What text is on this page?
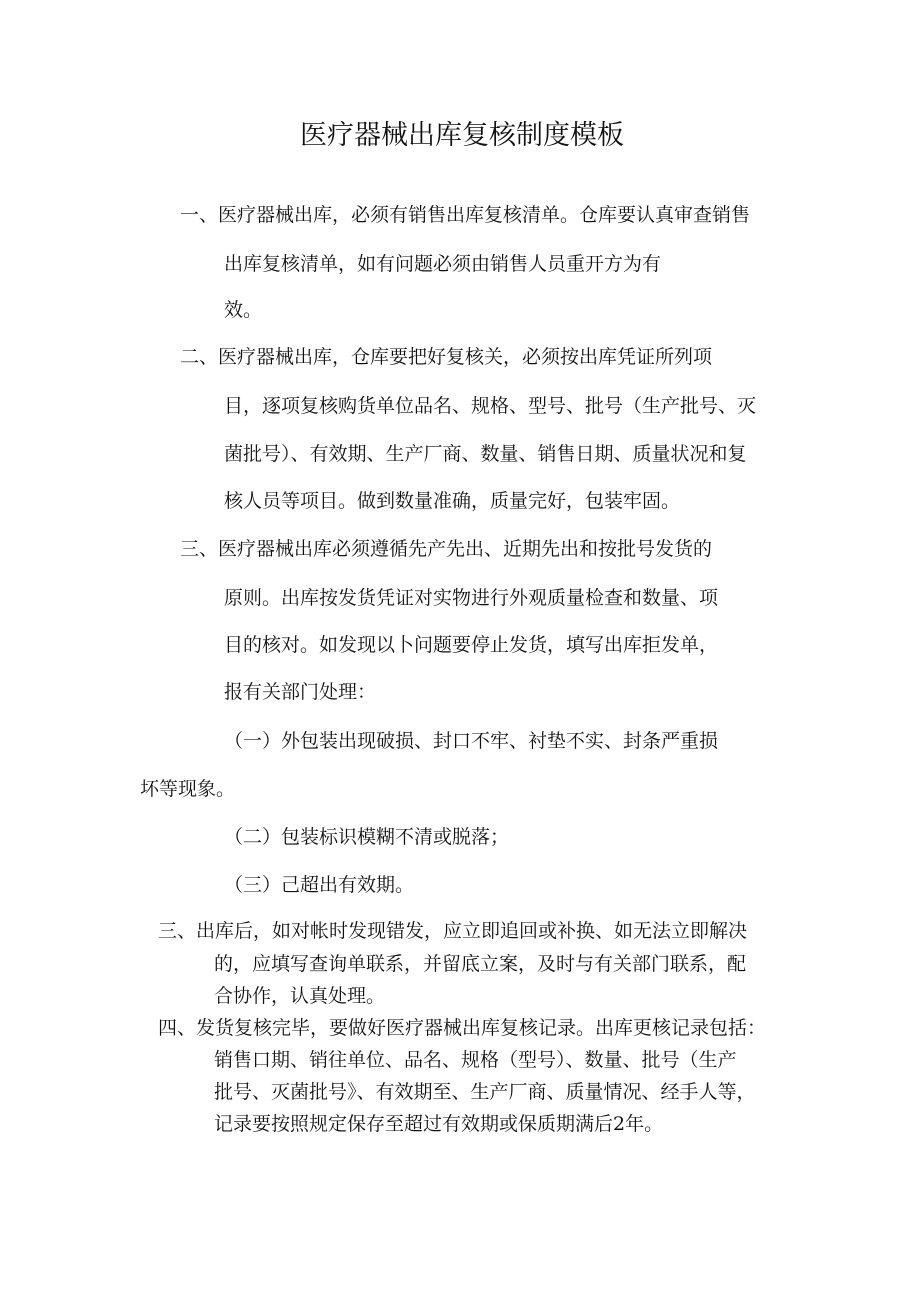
医疗器械出库复核制度模板
一、医疗器械出库，必须有销售出库复核清单。仓库要认真审查销售
出库复核清单，如有问题必须由销售人员重开方为有
效。
二、医疗器械出库，仓库要把好复核关，必须按出库凭证所列项
目，逐项复核购货单位品名、规格、型号、批号（生产批号、灭
菌批号）、有效期、生产厂商、数量、销售日期、质量状况和复
核人员等项目。做到数量准确，质量完好，包装牢固。
三、医疗器械出库必须遵循先产先出、近期先出和按批号发货的
原则。出库按发货凭证对实物进行外观质量检查和数量、项
目的核对。如发现以卜问题要停止发货，填写出库拒发单，
报有关部门处理：
（一）外包装出现破损、封口不牢、衬垫不实、封条严重损
坏等现象。
（二）包装标识模糊不清或脱落；
（三）己超出有效期。
三、出库后，如对帐时发现错发，应立即追回或补换、如无法立即解决
的，应填写查询单联系，并留底立案，及时与有关部门联系，配
合协作，认真处理。
四、发货复核完毕，要做好医疗器械出库复核记录。出库更核记录包括：
销售口期、销往单位、品名、规格（型号）、数量、批号（生产
批号、灭菌批号》、有效期至、生产厂商、质量情况、经手人等，
记录要按照规定保存至超过有效期或保质期满后2年。
